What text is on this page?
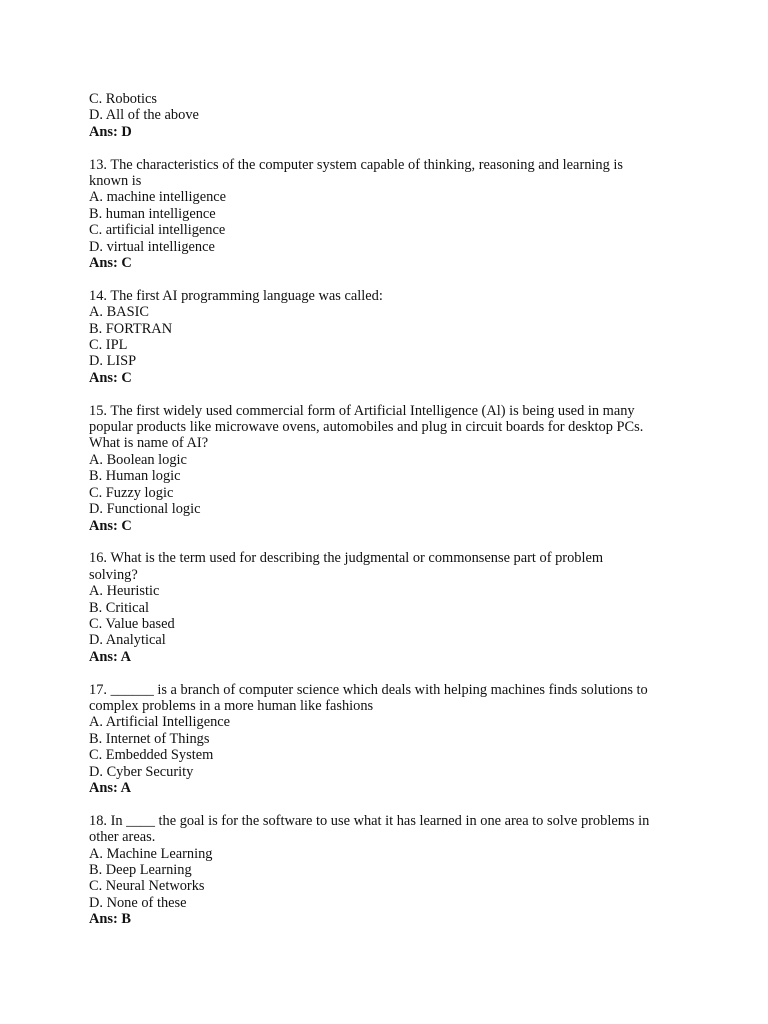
C. Robotics

D. All of the above

Ans: D

13. The characteristics of the computer system capable of thinking, reasoning and learning is

known is

A. machine intelligence

B. human intelligence

C. artificial intelligence

D. virtual intelligence

Ans: C

14. The first AI programming language was called:

A. BASIC

B. FORTRAN

C. IPL

D. LISP

Ans: C

15. The first widely used commercial form of Artificial Intelligence (Al) is being used in many

popular products like microwave ovens, automobiles and plug in circuit boards for desktop PCs.

What is name of AI?

A. Boolean logic

B. Human logic

C. Fuzzy logic

D. Functional logic

Ans: C

16. What is the term used for describing the judgmental or commonsense part of problem

solving?

A. Heuristic

B. Critical

C. Value based

D. Analytical

Ans: A

17. ______ is a branch of computer science which deals with helping machines finds solutions to

complex problems in a more human like fashions

A. Artificial Intelligence

B. Internet of Things

C. Embedded System

D. Cyber Security

Ans: A

18. In ____ the goal is for the software to use what it has learned in one area to solve problems in

other areas.

A. Machine Learning

B. Deep Learning

C. Neural Networks

D. None of these

Ans: B
